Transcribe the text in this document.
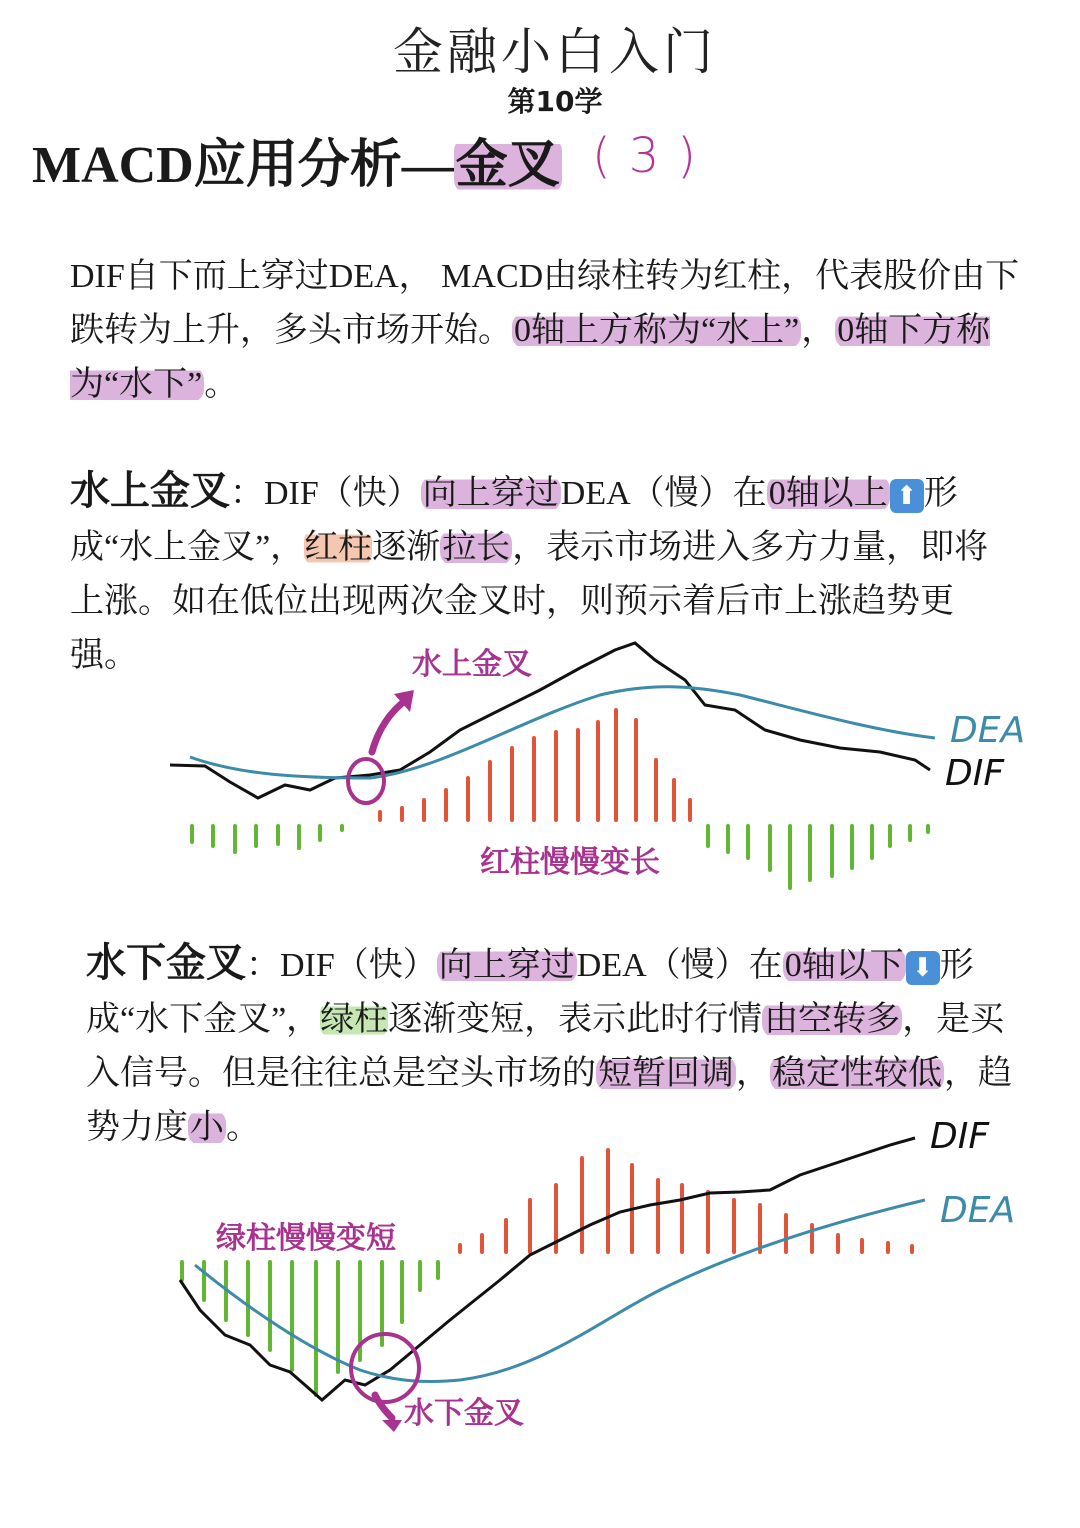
金融小白入门
第10学
MACD应用分析—金叉 (3)
DIF自下而上穿过DEA， MACD由绿柱转为红柱，代表股价由下跌转为上升，多头市场开始。0轴上方称为“水上”，0轴下方称为“水下”。
水上金叉：DIF（快）向上穿过DEA（慢）在0轴以上 ⬆ 形成“水上金叉”，红柱逐渐拉长，表示市场进入多方力量，即将上涨。如在低位出现两次金叉时，则预示着后市上涨趋势更强。
水下金叉：DIF（快）向上穿过DEA（慢）在0轴以下 ⬇ 形成“水下金叉”，绿柱逐渐变短，表示此时行情由空转多，是买入信号。但是往往总是空头市场的短暂回调，稳定性较低，趋势力度小。
水上金叉
红柱慢慢变长
DEA
DIF
水下金叉
绿柱慢慢变短
DIF
DEA
